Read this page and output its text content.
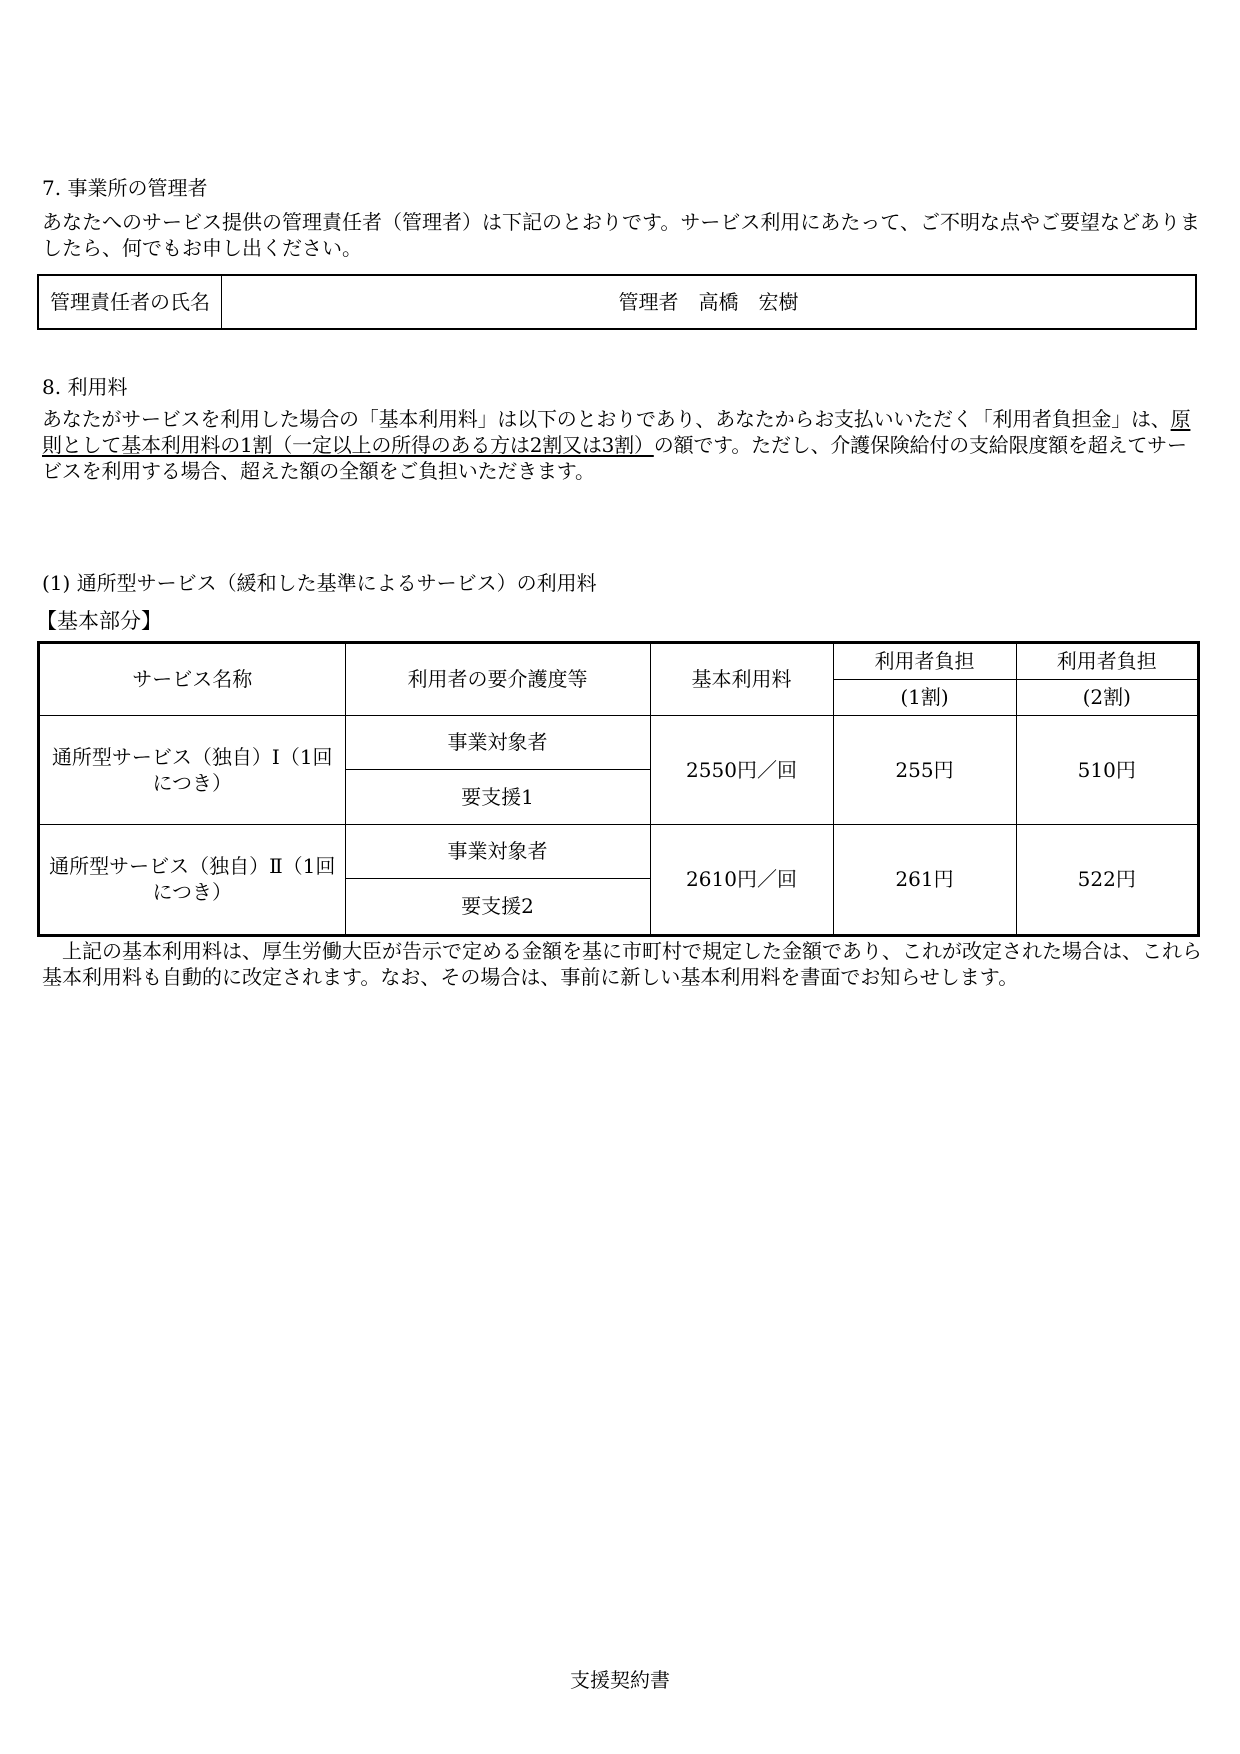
7. 事業所の管理者

あなたへのサービス提供の管理責任者（管理者）は下記のとおりです。サービス利用にあたって、ご不明な点やご要望などありましたら、何でもお申し出ください。

管理責任者の氏名	管理者　高橋　宏樹
8. 利用料

あなたがサービスを利用した場合の「基本利用料」は以下のとおりであり、あなたからお支払いいただく「利用者負担金」は、原則として基本利用料の1割（一定以上の所得のある方は2割又は3割）の額です。ただし、介護保険給付の支給限度額を超えてサービスを利用する場合、超えた額の全額をご負担いただきます。

(1) 通所型サービス（緩和した基準によるサービス）の利用料
【基本部分】
サービス名称	利用者の要介護度等	基本利用料	利用者負担	利用者負担
			(1割)	(2割)
通所型サービス（独自）Ⅰ（1回につき）	事業対象者	2550円／回	255円	510円
	要支援1			
通所型サービス（独自）Ⅱ（1回につき）	事業対象者	2610円／回	261円	522円
	要支援2			

上記の基本利用料は、厚生労働大臣が告示で定める金額を基に市町村で規定した金額であり、これが改定された場合は、これら基本利用料も自動的に改定されます。なお、その場合は、事前に新しい基本利用料を書面でお知らせします。

支援契約書
